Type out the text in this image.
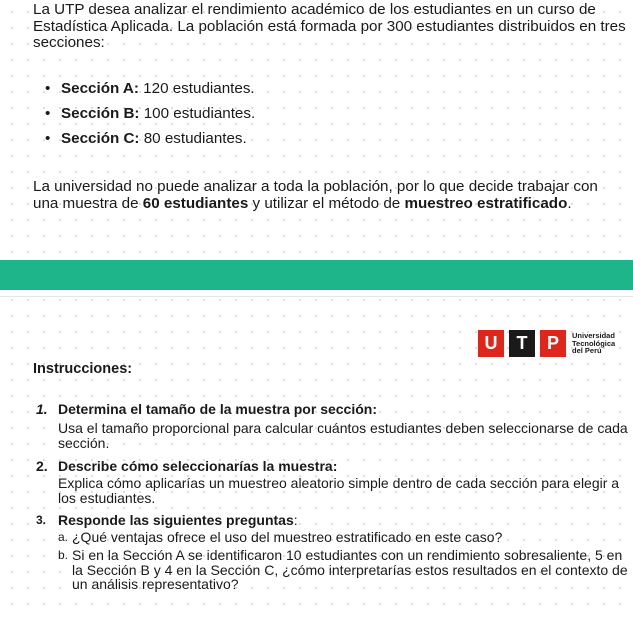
La UTP desea analizar el rendimiento académico de los estudiantes en un curso de Estadística Aplicada. La población está formada por 300 estudiantes distribuidos en tres secciones:

• Sección A: 120 estudiantes.
• Sección B: 100 estudiantes.
• Sección C: 80 estudiantes.

La universidad no puede analizar a toda la población, por lo que decide trabajar con una muestra de 60 estudiantes y utilizar el método de muestreo estratificado.

U	T	P	Universidad
Tecnológica
del Perú
Instrucciones:
1. Determina el tamaño de la muestra por sección:
Usa el tamaño proporcional para calcular cuántos estudiantes deben seleccionarse de cada sección.
2. Describe cómo seleccionarías la muestra:
Explica cómo aplicarías un muestreo aleatorio simple dentro de cada sección para elegir a los estudiantes.
3. Responde las siguientes preguntas:
a. ¿Qué ventajas ofrece el uso del muestreo estratificado en este caso?
b. Si en la Sección A se identificaron 10 estudiantes con un rendimiento sobresaliente, 5 en la Sección B y 4 en la Sección C, ¿cómo interpretarías estos resultados en el contexto de un análisis representativo?
